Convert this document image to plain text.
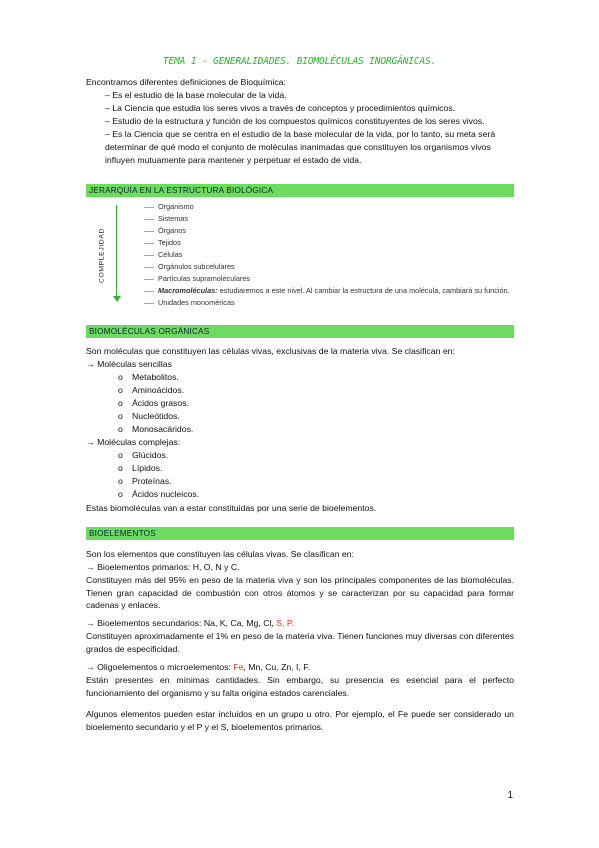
TEMA 1 - GENERALIDADES. BIOMOLÉCULAS INORGÁNICAS.
Encontramos diferentes definiciones de Bioquímica:
– Es el estudio de la base molecular de la vida.
– La Ciencia que estudia los seres vivos a través de conceptos y procedimientos químicos.
– Estudio de la estructura y función de los compuestos químicos constituyentes de los seres vivos.
– Es la Ciencia que se centra en el estudio de la base molecular de la vida, por lo tanto, su meta será
determinar de qué modo el conjunto de moléculas inanimadas que constituyen los organismos vivos
influyen mutuamente para mantener y perpetuar el estado de vida.
JERARQUÍA EN LA ESTRUCTURA BIOLÓGICA
COMPLEJIDAD
Organismo
Sistemas
Órganos
Tejidos
Células
Orgánulos subcelulares
Partículas supramoleculares
Macromoléculas: estudiaremos a este nivel. Al cambiar la estructura de una molécula, cambiará su función.
Unidades monoméricas
BIOMOLÉCULAS ORGÁNICAS
Son moléculas que constituyen las células vivas, exclusivas de la materia viva. Se clasifican en:
→ Moléculas sencillas
o Metabolitos.
o Aminoácidos.
o Ácidos grasos.
o Nucleótidos.
o Monosacáridos.
→ Moléculas complejas:
o Glúcidos.
o Lípidos.
o Proteínas.
o Ácidos nucleicos.
Estas biomoléculas van a estar constituidas por una serie de bioelementos.
BIOELEMENTOS
Son los elementos que constituyen las células vivas. Se clasifican en:
→ Bioelementos primarios: H, O, N y C.
Constituyen más del 95% en peso de la materia viva y son los principales componentes de las biomoléculas. Tienen gran capacidad de combustión con otros átomos y se caracterizan por su capacidad para formar cadenas y enlaces.
→ Bioelementos secundarios: Na, K, Ca, Mg, Cl, S, P.
Constituyen aproximadamente el 1% en peso de la materia viva. Tienen funciones muy diversas con diferentes grados de especificidad.
→ Oligoelementos o microelementos: Fe, Mn, Cu, Zn, I, F.
Están presentes en mínimas cantidades. Sin embargo, su presencia es esencial para el perfecto funcionamiento del organismo y su falta origina estados carenciales.
Algunos elementos pueden estar incluidos en un grupo u otro. Por ejemplo, el Fe puede ser considerado un bioelemento secundario y el P y el S, bioelementos primarios.
1
